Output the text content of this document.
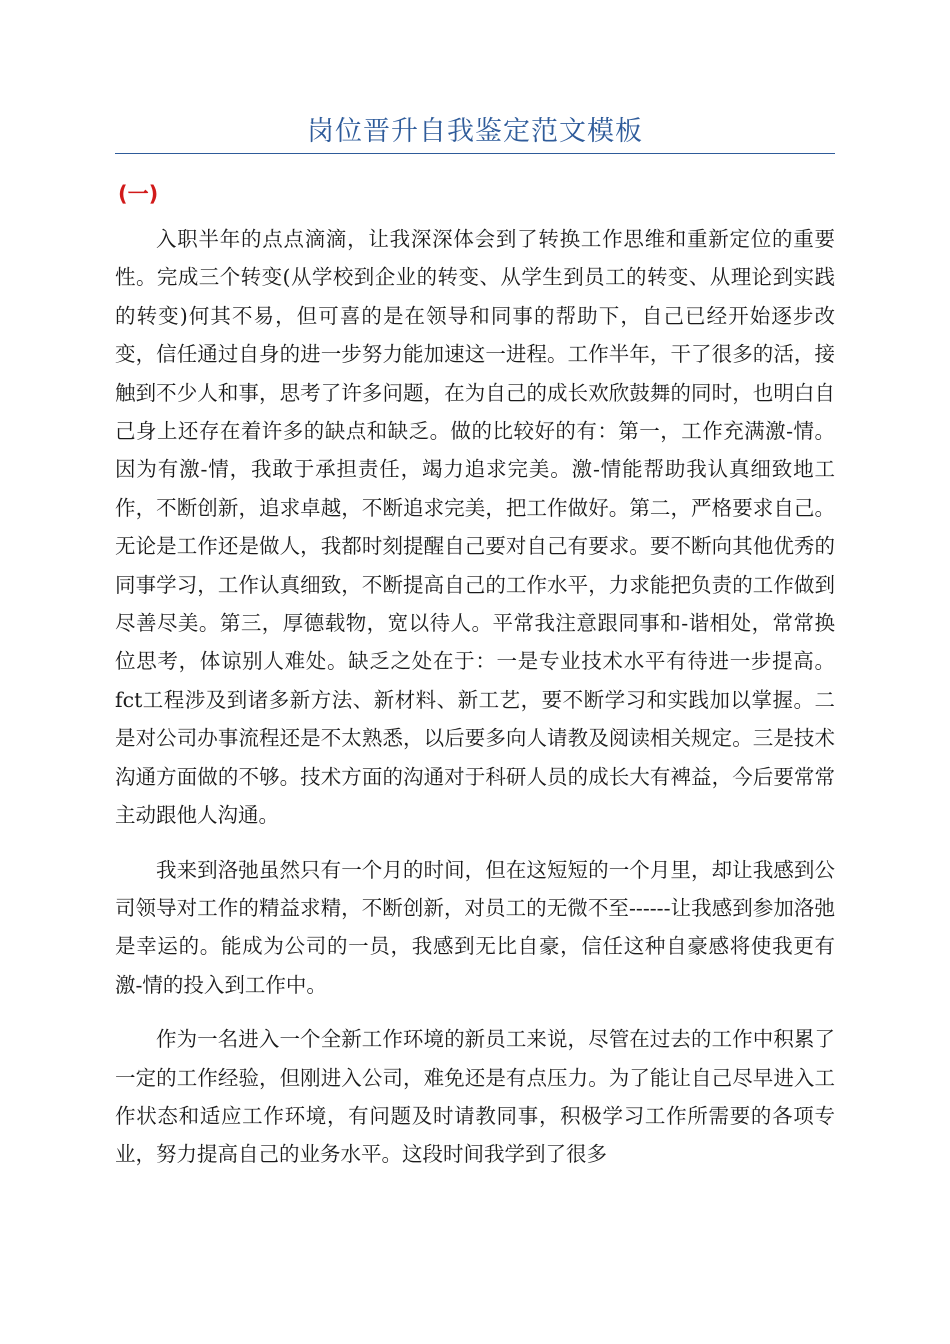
岗位晋升自我鉴定范文模板
(一)

入职半年的点点滴滴，让我深深体会到了转换工作思维和重新定位的重要性。完成三个转变(从学校到企业的转变、从学生到员工的转变、从理论到实践的转变)何其不易，但可喜的是在领导和同事的帮助下，自己已经开始逐步改变，信任通过自身的进一步努力能加速这一进程。工作半年，干了很多的活，接触到不少人和事，思考了许多问题，在为自己的成长欢欣鼓舞的同时，也明白自己身上还存在着许多的缺点和缺乏。做的比较好的有：第一，工作充满激-情。因为有激-情，我敢于承担责任，竭力追求完美。激-情能帮助我认真细致地工作，不断创新，追求卓越，不断追求完美，把工作做好。第二，严格要求自己。无论是工作还是做人，我都时刻提醒自己要对自己有要求。要不断向其他优秀的同事学习，工作认真细致，不断提高自己的工作水平，力求能把负责的工作做到尽善尽美。第三，厚德载物，宽以待人。平常我注意跟同事和-谐相处，常常换位思考，体谅别人难处。缺乏之处在于：一是专业技术水平有待进一步提高。fct工程涉及到诸多新方法、新材料、新工艺，要不断学习和实践加以掌握。二是对公司办事流程还是不太熟悉，以后要多向人请教及阅读相关规定。三是技术沟通方面做的不够。技术方面的沟通对于科研人员的成长大有裨益，今后要常常主动跟他人沟通。

我来到洛弛虽然只有一个月的时间，但在这短短的一个月里，却让我感到公司领导对工作的精益求精，不断创新，对员工的无微不至------让我感到参加洛弛是幸运的。能成为公司的一员，我感到无比自豪，信任这种自豪感将使我更有激-情的投入到工作中。

作为一名进入一个全新工作环境的新员工来说，尽管在过去的工作中积累了一定的工作经验，但刚进入公司，难免还是有点压力。为了能让自己尽早进入工作状态和适应工作环境，有问题及时请教同事，积极学习工作所需要的各项专业，努力提高自己的业务水平。这段时间我学到了很多
